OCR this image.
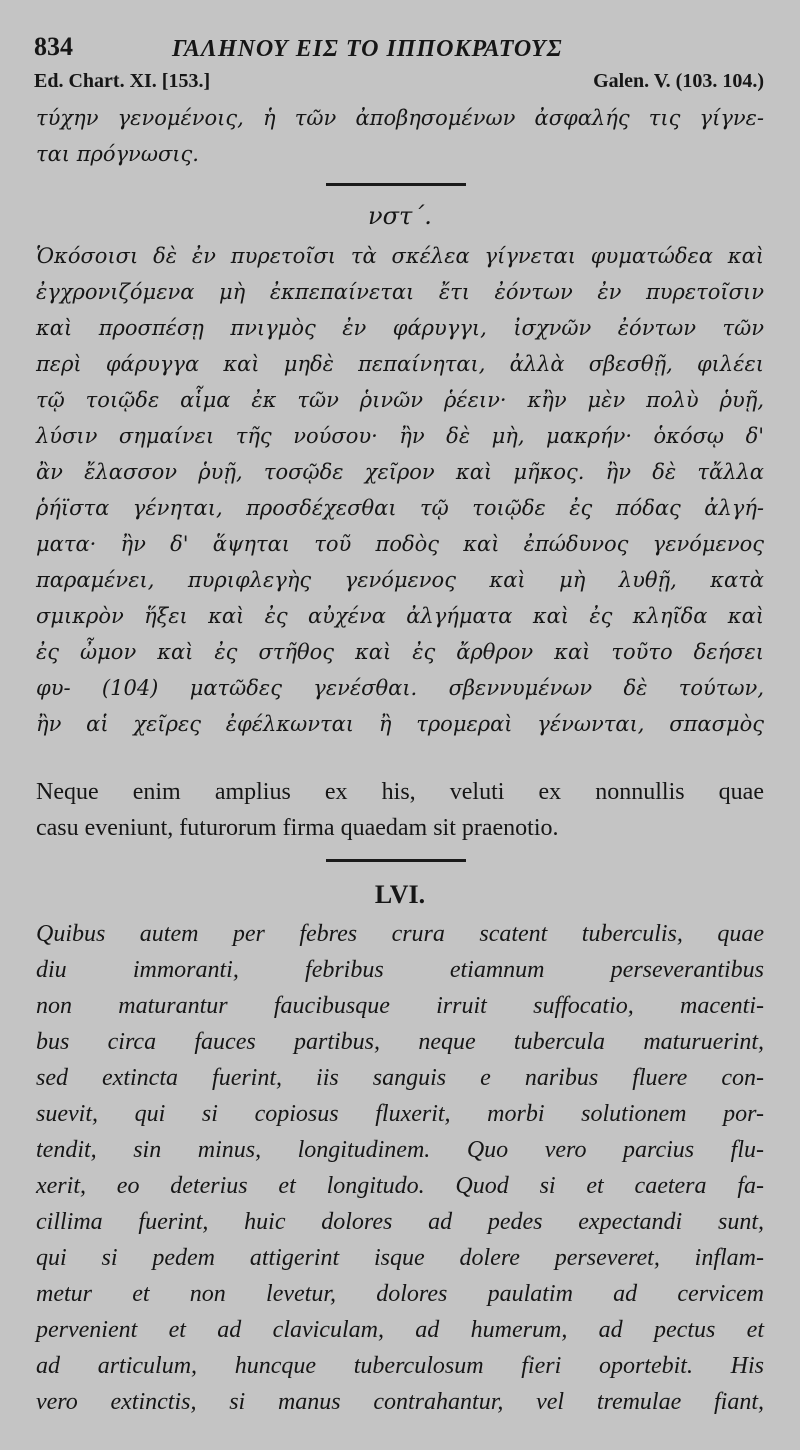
834	ΓΑΛΗΝΟΥ ΕΙΣ ΤΟ ΙΠΠΟΚΡΑΤΟΥΣ
Ed. Chart. XI. [153.]	Galen. V. (103. 104.)
τύχην γενομένοις, ἡ τῶν ἀποβησομένων ἀσφαλής τις γίγνε-
ται πρόγνωσις.
νστ΄.
Ὁκόσοισι δὲ ἐν πυρετοῖσι τὰ σκέλεα γίγνεται φυματώδεα καὶ
ἐγχρονιζόμενα μὴ ἐκπεπαίνεται ἔτι ἐόντων ἐν πυρετοῖσιν
καὶ προσπέσῃ πνιγμὸς ἐν φάρυγγι, ἰσχνῶν ἐόντων τῶν
περὶ φάρυγγα καὶ μηδὲ πεπαίνηται, ἀλλὰ σβεσθῇ, φιλέει
τῷ τοιῷδε αἷμα ἐκ τῶν ῥινῶν ῥέειν· κἢν μὲν πολὺ ῥυῇ,
λύσιν σημαίνει τῆς νούσου· ἢν δὲ μὴ, μακρήν· ὁκόσῳ δ'
ἂν ἔλασσον ῥυῇ, τοσῷδε χεῖρον καὶ μῆκος. ἢν δὲ τἄλλα
ῥήϊστα γένηται, προσδέχεσθαι τῷ τοιῷδε ἐς πόδας ἀλγή-
ματα· ἢν δ' ἅψηται τοῦ ποδὸς καὶ ἐπώδυνος γενόμενος
παραμένει, πυριφλεγὴς γενόμενος καὶ μὴ λυθῇ, κατὰ
σμικρὸν ἥξει καὶ ἐς αὐχένα ἀλγήματα καὶ ἐς κληῖδα καὶ
ἐς ὦμον καὶ ἐς στῆθος καὶ ἐς ἄρθρον καὶ τοῦτο δεήσει
φυ- (104) ματῶδες γενέσθαι. σβεννυμένων δὲ τούτων,
ἢν αἱ χεῖρες ἐφέλκωνται ἢ τρομεραὶ γένωνται, σπασμὸς
Neque enim amplius ex his, veluti ex nonnullis quae
casu eveniunt, futurorum firma quaedam sit praenotio.
LVI.
Quibus autem per febres crura scatent tuberculis, quae
diu immoranti, febribus etiamnum perseverantibus
non maturantur faucibusque irruit suffocatio, macenti-
bus circa fauces partibus, neque tubercula maturuerint,
sed extincta fuerint, iis sanguis e naribus fluere con-
suevit, qui si copiosus fluxerit, morbi solutionem por-
tendit, sin minus, longitudinem. Quo vero parcius flu-
xerit, eo deterius et longitudo. Quod si et caetera fa-
cillima fuerint, huic dolores ad pedes expectandi sunt,
qui si pedem attigerint isque dolere perseveret, inflam-
metur et non levetur, dolores paulatim ad cervicem
pervenient et ad claviculam, ad humerum, ad pectus et
ad articulum, huncque tuberculosum fieri oportebit. His
vero extinctis, si manus contrahantur, vel tremulae fiant,
